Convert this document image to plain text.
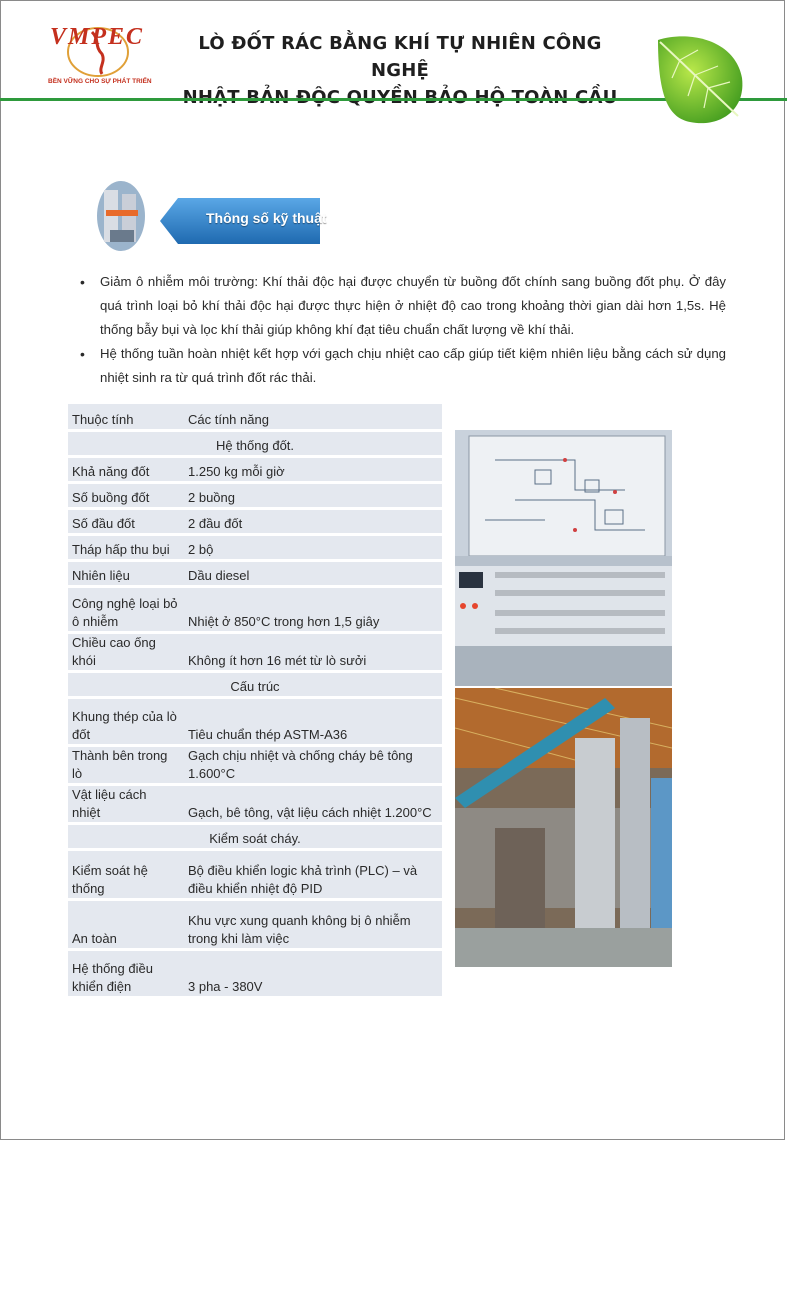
VMPEC
BỀN VỮNG CHO SỰ PHÁT TRIỂN
LÒ ĐỐT RÁC BẰNG KHÍ TỰ NHIÊN CÔNG NGHỆ
Thông số kỹ thuật
• Giảm ô nhiễm môi trường: Khí thải độc hại được chuyển từ buồng đốt chính sang buồng đốt phụ. Ở đây quá trình loại bỏ khí thải độc hại được thực hiện ở nhiệt độ cao trong khoảng thời gian dài hơn 1,5s. Hệ thống bẫy bụi và lọc khí thải giúp không khí đạt tiêu chuẩn chất lượng về khí thải.
• Hệ thống tuần hoàn nhiệt kết hợp với gạch chịu nhiệt cao cấp giúp tiết kiệm nhiên liệu bằng cách sử dụng nhiệt sinh ra từ quá trình đốt rác thải.
Thuộc tính	Các tính năng
Hệ thống đốt.	
Khả năng đốt	1.250 kg mỗi giờ
Số buồng đốt	2 buồng
Số đầu đốt	2 đầu đốt
Tháp hấp thu bụi	2 bộ
Nhiên liệu	Dầu diesel
Công nghệ loại bỏ ô nhiễm	Nhiệt ở 850°C trong hơn 1,5 giây
Chiều cao ống khói	Không ít hơn 16 mét từ lò sưởi
Cấu trúc	
Khung thép của lò đốt	Tiêu chuẩn thép ASTM-A36
Thành bên trong lò	Gạch chịu nhiệt và chống cháy bê tông 1.600°C
Vật liệu cách nhiệt	Gạch, bê tông, vật liệu cách nhiệt 1.200°C
Kiểm soát cháy.	
Kiểm soát hệ thống	Bộ điều khiển logic khả trình (PLC) – và điều khiển nhiệt độ PID
An toàn	Khu vực xung quanh không bị ô nhiễm trong khi làm việc
Hệ thống điều khiển điện	3 pha - 380V
